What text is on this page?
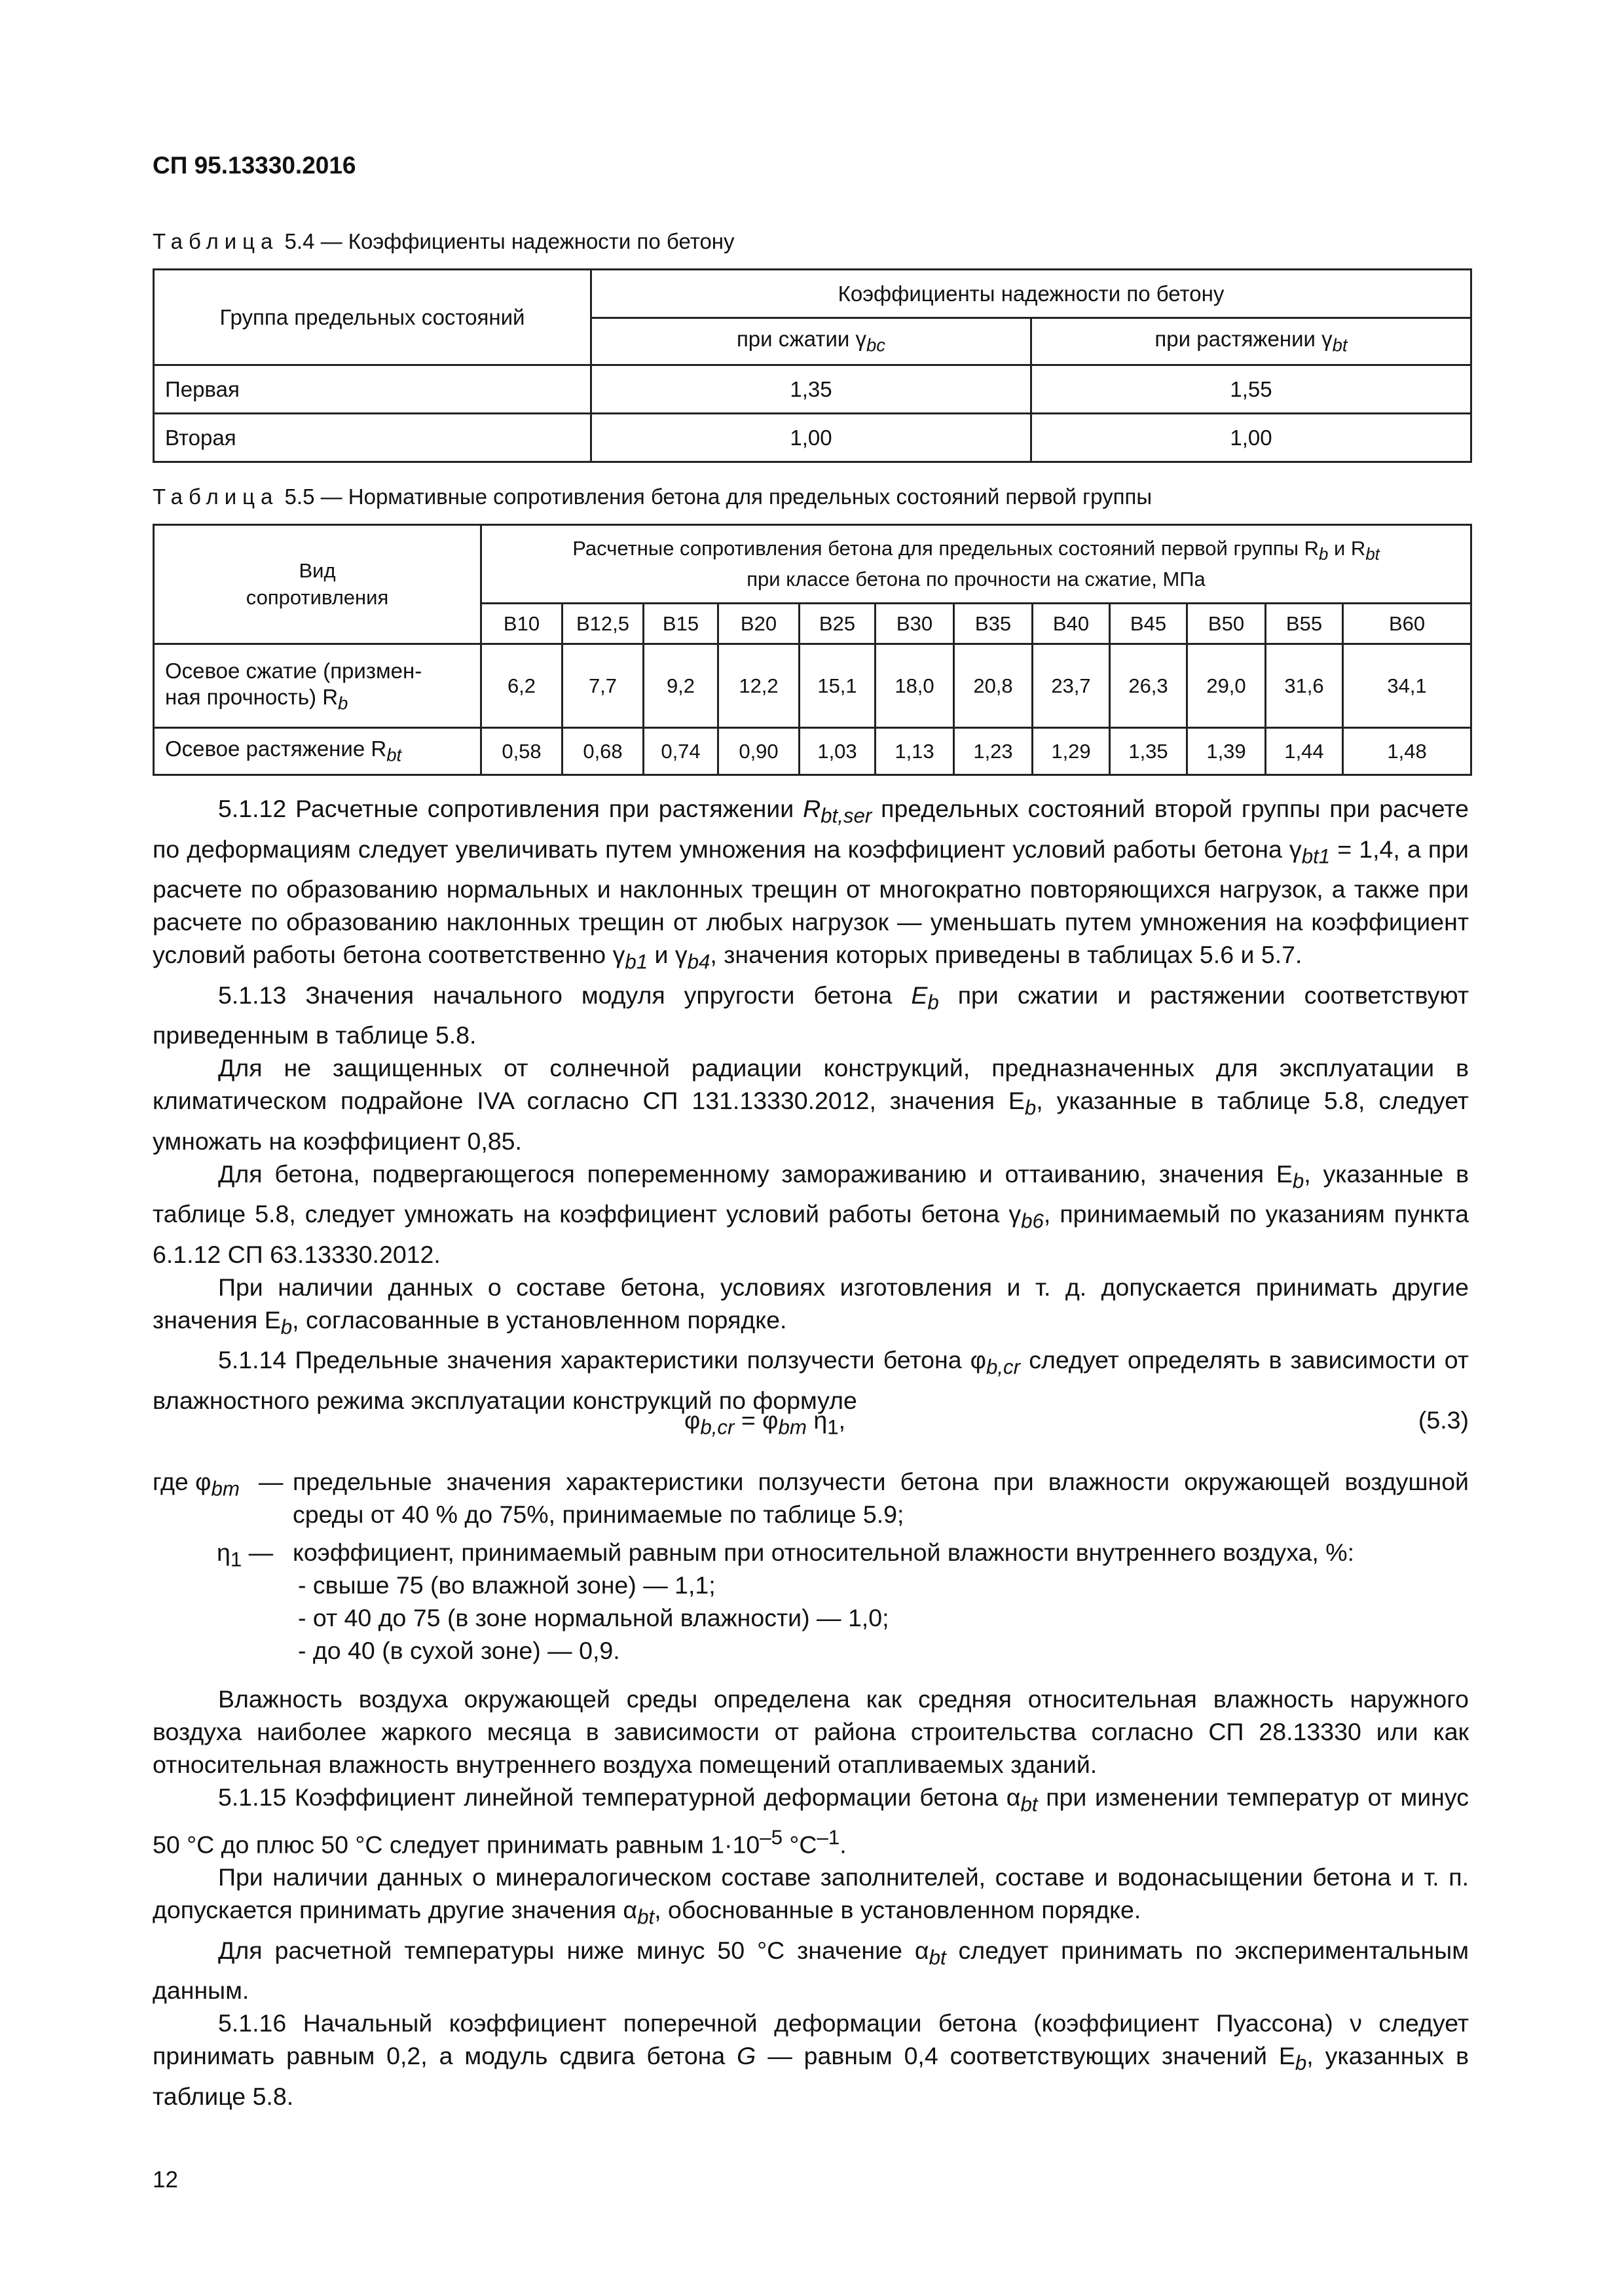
СП 95.13330.2016
Таблица 5.4 — Коэффициенты надежности по бетону
Группа предельных состояний	Коэффициенты надежности по бетону	
	при сжатии $\gamma_{bc}$	при растяжении $\gamma_{bt}$
Первая	1,35	1,55
Вторая	1,00	1,00
Таблица 5.5 — Нормативные сопротивления бетона для предельных состояний первой группы
Вид
сопротивления	Расчетные сопротивления бетона для предельных состояний первой группы $R_b$ и $R_{bt}$
при классе бетона по прочности на сжатие, МПа											
	B10	B12,5	B15	B20	B25	B30	B35	B40	B45	B50	B55	B60
Осевое сжатие (призмен-
ная прочность) $R_b$	6,2	7,7	9,2	12,2	15,1	18,0	20,8	23,7	26,3	29,0	31,6	34,1
Осевое растяжение $R_{bt}$	0,58	0,68	0,74	0,90	1,03	1,13	1,23	1,29	1,35	1,39	1,44	1,48

5.1.12 Расчетные сопротивления при растяжении $R_{bt,ser}$ предельных состояний второй группы при расчете по деформациям следует увеличивать путем умножения на коэффициент условий работы бетона $\gamma_{bt1} = 1,4$, а при расчете по образованию нормальных и наклонных трещин от многократно повторяющихся нагрузок, а также при расчете по образованию наклонных трещин от любых нагрузок — уменьшать путем умножения на коэффициент условий работы бетона соответственно $\gamma_{b1}$ и $\gamma_{b4}$, значения которых приведены в таблицах 5.6 и 5.7.

5.1.13 Значения начального модуля упругости бетона $E_b$ при сжатии и растяжении соответствуют приведенным в таблице 5.8.

Для не защищенных от солнечной радиации конструкций, предназначенных для эксплуатации в климатическом подрайоне IVA согласно СП 131.13330.2012, значения $E_b$, указанные в таблице 5.8, следует умножать на коэффициент 0,85.

Для бетона, подвергающегося попеременному замораживанию и оттаиванию, значения $E_b$, указанные в таблице 5.8, следует умножать на коэффициент условий работы бетона $\gamma_{b6}$, принимаемый по указаниям пункта 6.1.12 СП 63.13330.2012.

При наличии данных о составе бетона, условиях изготовления и т. д. допускается принимать другие значения $E_b$, согласованные в установленном порядке.

5.1.14 Предельные значения характеристики ползучести бетона $\varphi_{b,cr}$ следует определять в зависимости от влажностного режима эксплуатации конструкций по формуле

$\varphi_{b,cr} = \varphi_{bm}$ $\eta_1$,	(5.3)
где $\varphi_{bm}$ — предельные значения характеристики ползучести бетона при влажности окружающей воздушной среды от 40 % до 75%, принимаемые по таблице 5.9;
$\eta_1$ — коэффициент, принимаемый равным при относительной влажности внутреннего воздуха, %:
- свыше 75 (во влажной зоне) — 1,1;
- от 40 до 75 (в зоне нормальной влажности) — 1,0;
- до 40 (в сухой зоне) — 0,9.

Влажность воздуха окружающей среды определена как средняя относительная влажность наружного воздуха наиболее жаркого месяца в зависимости от района строительства согласно СП 28.13330 или как относительная влажность внутреннего воздуха помещений отапливаемых зданий.

5.1.15 Коэффициент линейной температурной деформации бетона $\alpha_{bt}$ при изменении температур от минус 50 °С до плюс 50 °С следует принимать равным $1\cdot 10^{-5}$ $^\circ С^{-1}$.

При наличии данных о минералогическом составе заполнителей, составе и водонасыщении бетона и т. п. допускается принимать другие значения $\alpha_{bt}$, обоснованные в установленном порядке.

Для расчетной температуры ниже минус 50 °С значение $\alpha_{bt}$ следует принимать по экспериментальным данным.

5.1.16 Начальный коэффициент поперечной деформации бетона (коэффициент Пуассона) ν следует принимать равным 0,2, а модуль сдвига бетона G — равным 0,4 соответствующих значений $E_b$, указанных в таблице 5.8.

12
